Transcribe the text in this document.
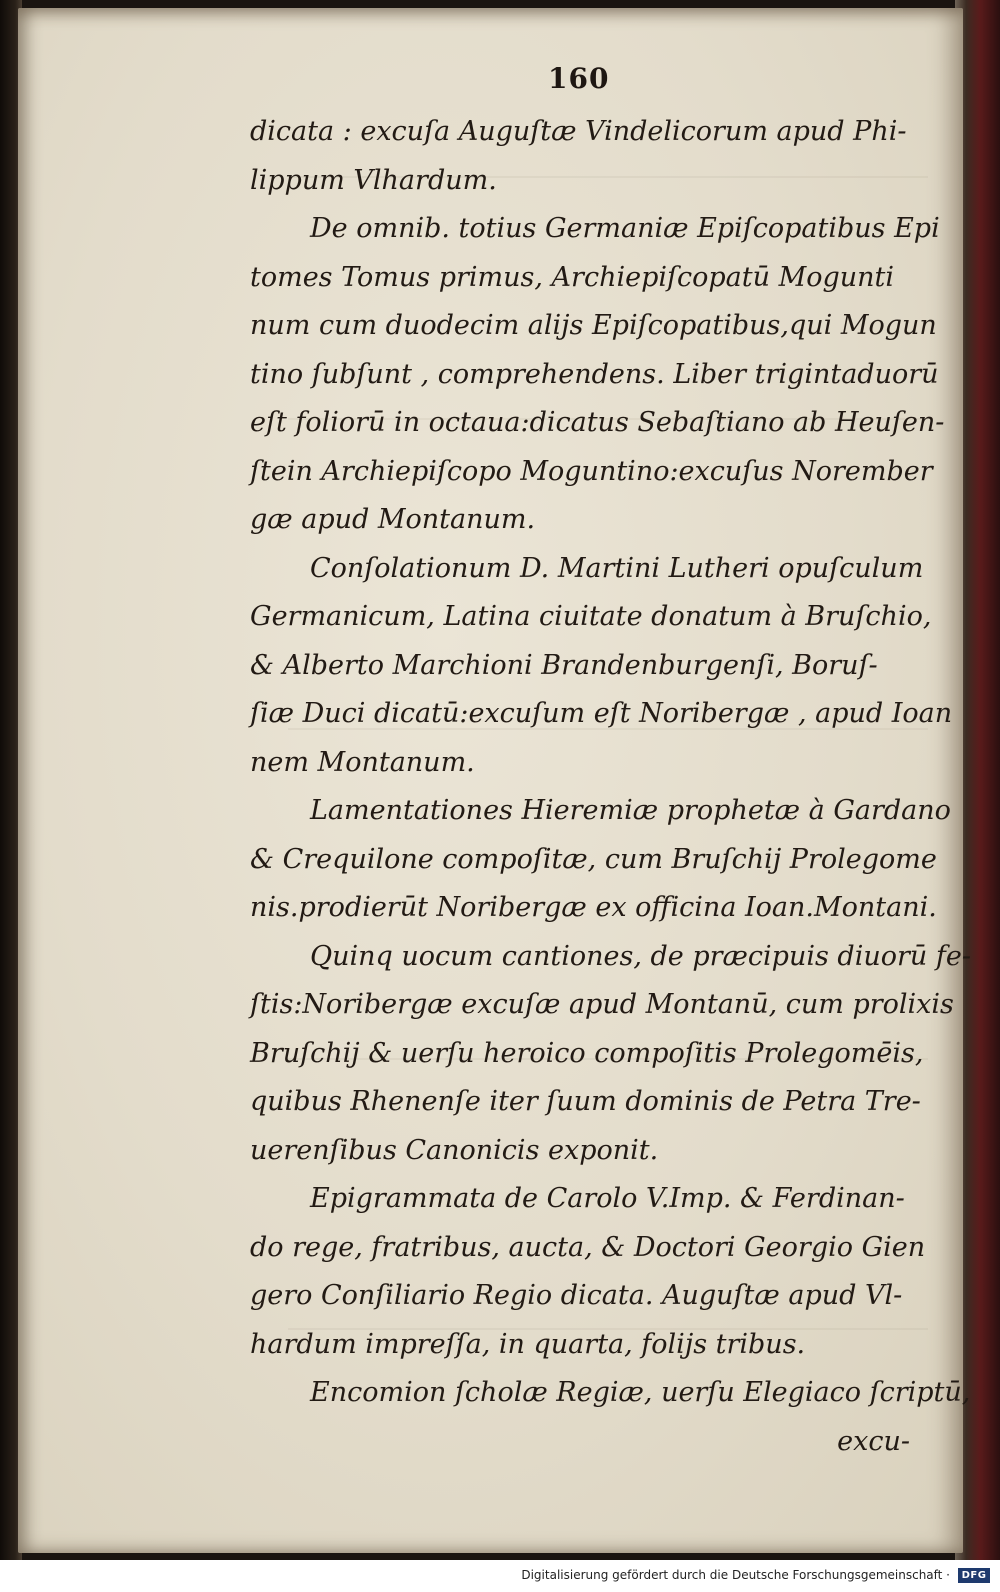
160
dicata : excuſa Auguſtæ Vindelicorum apud Phi-
lippum Vlhardum.
De omnib. totius Germaniæ Epiſcopatibus Epi
tomes Tomus primus, Archiepiſcopatū Mogunti
num cum duodecim alijs Epiſcopatibus,qui Mogun
tino ſubſunt , comprehendens. Liber trigintaduorū
eſt foliorū in octaua:dicatus Sebaſtiano ab Heuſen-
ſtein Archiepiſcopo Moguntino:excuſus Norember
gæ apud Montanum.
Conſolationum D. Martini Lutheri opuſculum
Germanicum, Latina ciuitate donatum à Bruſchio,
& Alberto Marchioni Brandenburgenſi, Boruſ-
ſiæ Duci dicatū:excuſum eſt Noribergæ , apud Ioan
nem Montanum.
Lamentationes Hieremiæ prophetæ à Gardano
& Crequilone compoſitæ, cum Bruſchij Prolegome
nis.prodierūt Noribergæ ex officina Ioan.Montani.
Quinq uocum cantiones, de præcipuis diuorū fe-
ſtis:Noribergæ excuſæ apud Montanū, cum prolixis
Bruſchij & uerſu heroico compoſitis Prolegomēis,
quibus Rhenenſe iter ſuum dominis de Petra Tre-
uerenſibus Canonicis exponit.
Epigrammata de Carolo V.Imp. & Ferdinan-
do rege, fratribus, aucta, & Doctori Georgio Gien
gero Conſiliario Regio dicata. Auguſtæ apud Vl-
hardum impreſſa, in quarta, folijs tribus.
Encomion ſcholæ Regiæ, uerſu Elegiaco ſcriptū,
excu-
Digitalisierung gefördert durch die Deutsche Forschungsgemeinschaft ·	DFG
